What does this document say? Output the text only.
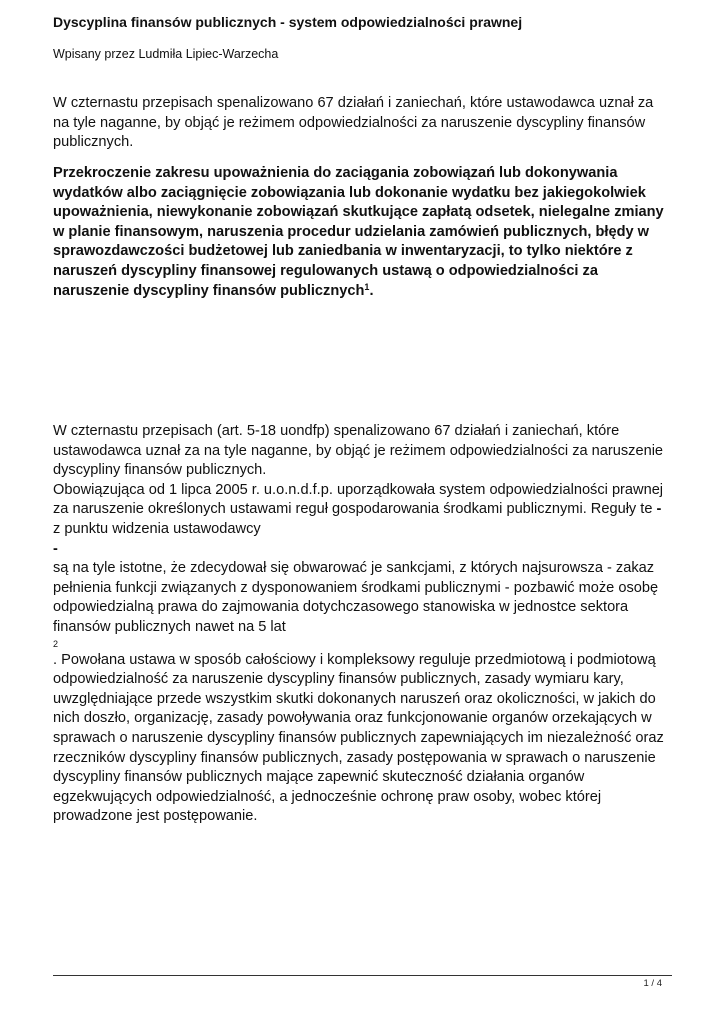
Dyscyplina finansów publicznych - system odpowiedzialności prawnej
Wpisany przez Ludmiła Lipiec-Warzecha
W czternastu przepisach spenalizowano 67 działań i zaniechań, które ustawodawca uznał za na tyle naganne, by objąć je reżimem odpowiedzialności za naruszenie dyscypliny finansów publicznych.
Przekroczenie zakresu upoważnienia do zaciągania zobowiązań lub dokonywania wydatków albo zaciągnięcie zobowiązania lub dokonanie wydatku bez jakiegokolwiek upoważnienia, niewykonanie zobowiązań skutkujące zapłatą odsetek, nielegalne zmiany w planie finansowym, naruszenia procedur udzielania zamówień publicznych, błędy w sprawozdawczości budżetowej lub zaniedbania w inwentaryzacji, to tylko niektóre z naruszeń dyscypliny finansowej regulowanych ustawą o odpowiedzialności za naruszenie dyscypliny finansów publicznych$^1$.

W czternastu przepisach (art. 5-18 uondfp) spenalizowano 67 działań i zaniechań, które ustawodawca uznał za na tyle naganne, by objąć je reżimem odpowiedzialności za naruszenie dyscypliny finansów publicznych.

Obowiązująca od 1 lipca 2005 r. u.o.n.d.f.p. uporządkowała system odpowiedzialności prawnej za naruszenie określonych ustawami reguł gospodarowania środkami publicznymi. Reguły te -
z punktu widzenia ustawodawcy

-

są na tyle istotne, że zdecydował się obwarować je sankcjami, z których najsurowsza - zakaz pełnienia funkcji związanych z dysponowaniem środkami publicznymi - pozbawić może osobę odpowiedzialną prawa do zajmowania dotychczasowego stanowiska w jednostce sektora finansów publicznych nawet na 5 lat

2

. Powołana ustawa w sposób całościowy i kompleksowy reguluje przedmiotową i podmiotową odpowiedzialność za naruszenie dyscypliny finansów publicznych, zasady wymiaru kary, uwzględniające przede wszystkim skutki dokonanych naruszeń oraz okoliczności, w jakich do nich doszło, organizację, zasady powoływania oraz funkcjonowanie organów orzekających w sprawach o naruszenie dyscypliny finansów publicznych zapewniających im niezależność oraz rzeczników dyscypliny finansów publicznych, zasady postępowania w sprawach o naruszenie dyscypliny finansów publicznych mające zapewnić skuteczność działania organów egzekwujących odpowiedzialność, a jednocześnie ochronę praw osoby, wobec której prowadzone jest postępowanie.

1 / 4
